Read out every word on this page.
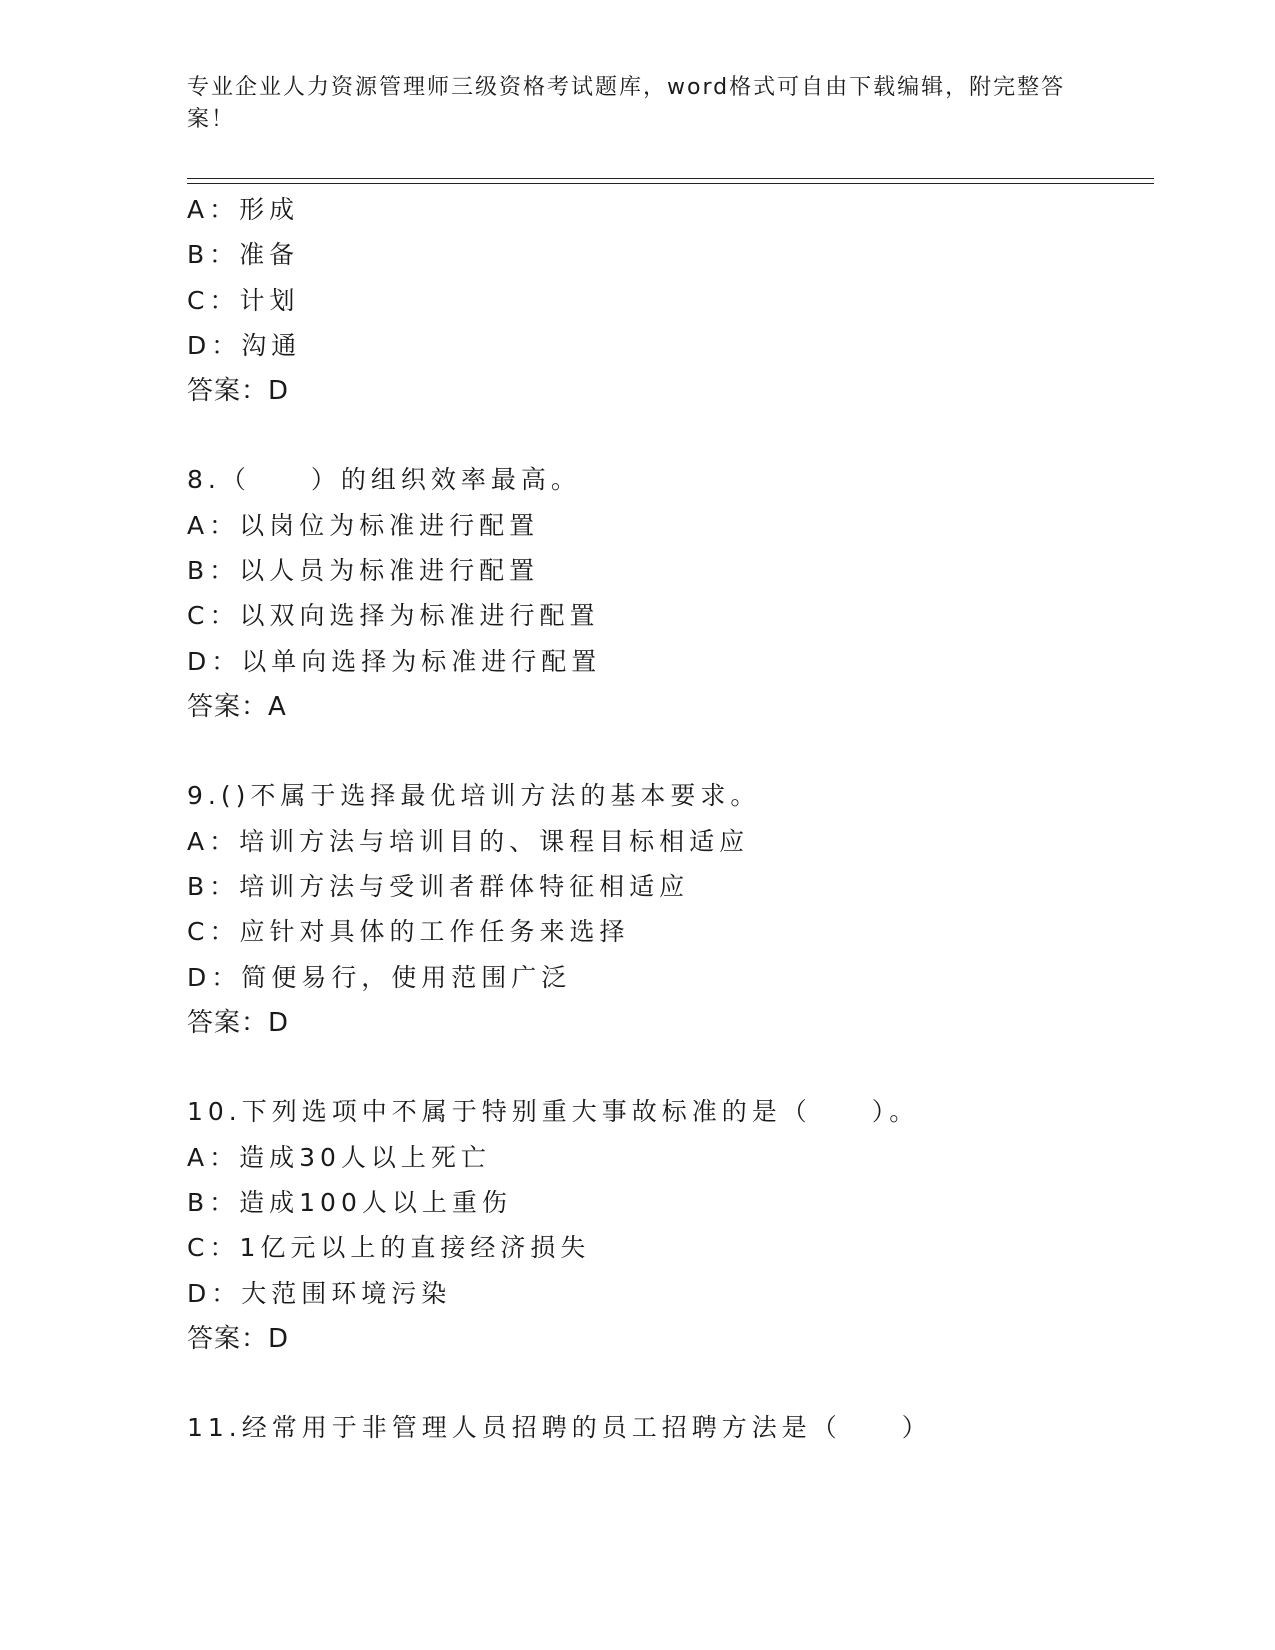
专业企业人力资源管理师三级资格考试题库，word格式可自由下载编辑，附完整答案！
A：形成
B：准备
C：计划
D：沟通
答案：D
8.（　　）的组织效率最高。
A：以岗位为标准进行配置
B：以人员为标准进行配置
C：以双向选择为标准进行配置
D：以单向选择为标准进行配置
答案：A
9.()不属于选择最优培训方法的基本要求。
A：培训方法与培训目的、课程目标相适应
B：培训方法与受训者群体特征相适应
C：应针对具体的工作任务来选择
D：简便易行，使用范围广泛
答案：D
10.下列选项中不属于特别重大事故标准的是（　　）。
A：造成30人以上死亡
B：造成100人以上重伤
C：1亿元以上的直接经济损失
D：大范围环境污染
答案：D
11.经常用于非管理人员招聘的员工招聘方法是（　　）
